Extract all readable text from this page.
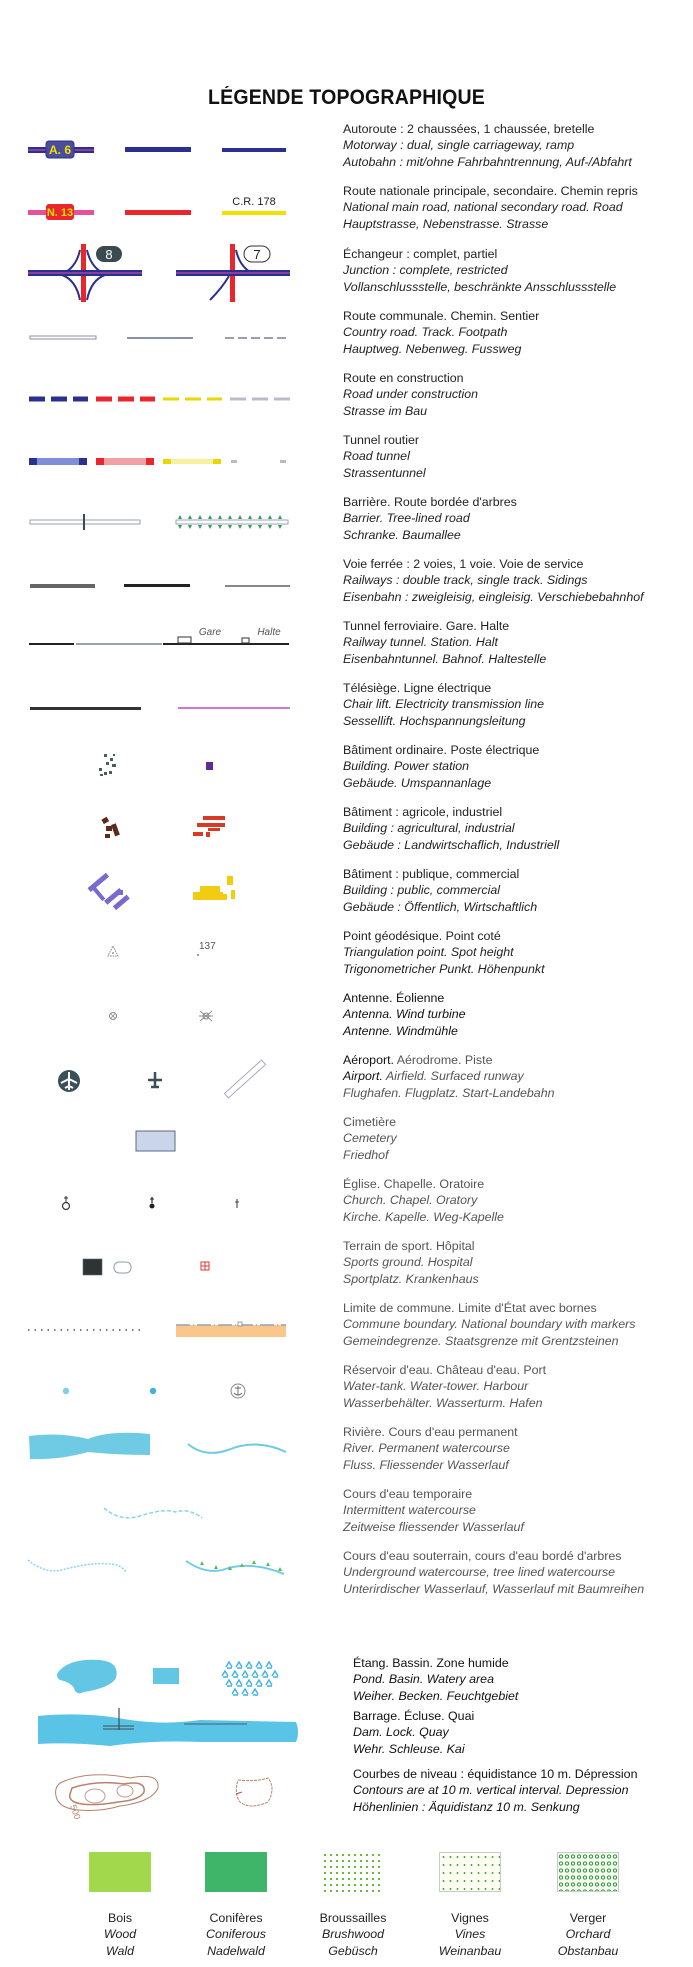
LÉGENDE TOPOGRAPHIQUE
A. 6
Autoroute : 2 chaussées, 1 chaussée, bretelle
Motorway : dual, single carriageway, ramp
Autobahn : mit/ohne Fahrbahntrennung, Auf-/Abfahrt
N. 13
C.R. 178
Route nationale principale, secondaire. Chemin repris
National main road, national secondary road. Road
Hauptstrasse, Nebenstrasse. Strasse
8	7	Échangeur : complet, partiel
Junction : complete, restricted
Vollanschlussstelle, beschränkte Ansschlussstelle
Route communale. Chemin. Sentier
Country road. Track. Footpath
Hauptweg. Nebenweg. Fussweg
Route en construction
Road under construction
Strasse im Bau
Tunnel routier
Road tunnel
Strassentunnel
Barrière. Route bordée d'arbres
Barrier. Tree-lined road
Schranke. Baumallee
Voie ferrée : 2 voies, 1 voie. Voie de service
Railways : double track, single track. Sidings
Eisenbahn : zweigleisig, eingleisig. Verschiebebahnhof
Gare	Halte	Tunnel ferroviaire. Gare. Halte
Railway tunnel. Station. Halt
Eisenbahntunnel. Bahnof. Haltestelle
Télésiège. Ligne électrique
Chair lift. Electricity transmission line
Sessellift. Hochspannungsleitung
Bâtiment ordinaire. Poste électrique
Building. Power station
Gebäude. Umspannanlage
Bâtiment : agricole, industriel
Building : agricultural, industrial
Gebäude : Landwirtschaflich, Industriell
Bâtiment : publique, commercial
Building : public, commercial
Gebäude : Öffentlich, Wirtschaftlich
137
Point géodésique. Point coté
Triangulation point. Spot height
Trigonometricher Punkt. Höhenpunkt
Antenne. Éolienne
Antenna. Wind turbine
Antenne. Windmühle
Aéroport. Aérodrome. Piste
Airport. Airfield. Surfaced runway
Flughafen. Flugplatz. Start-Landebahn
Cimetière
Cemetery
Friedhof
Église. Chapelle. Oratoire
Church. Chapel. Oratory
Kirche. Kapelle. Weg-Kapelle
Terrain de sport. Hôpital
Sports ground. Hospital
Sportplatz. Krankenhaus
Limite de commune. Limite d'État avec bornes
Commune boundary. National boundary with markers
Gemeindegrenze. Staatsgrenze mit Grentzsteinen
Réservoir d'eau. Château d'eau. Port
Water-tank. Water-tower. Harbour
Wasserbehälter. Wasserturm. Hafen
Rivière. Cours d'eau permanent
River. Permanent watercourse
Fluss. Fliessender Wasserlauf
Cours d'eau temporaire
Intermittent watercourse
Zeitweise fliessender Wasserlauf
Cours d'eau souterrain, cours d'eau bordé d'arbres
Underground watercourse, tree lined watercourse
Unterirdischer Wasserlauf, Wasserlauf mit Baumreihen
Étang. Bassin. Zone humide
Pond. Basin. Watery area
Weiher. Becken. Feuchtgebiet
Barrage. Écluse. Quai
Dam. Lock. Quay
Wehr. Schleuse. Kai
500
Courbes de niveau : équidistance 10 m. Dépression
Contours are at 10 m. vertical interval. Depression
Höhenlinien : Äquidistanz 10 m. Senkung
Bois
Wood
Wald
Conifères
Coniferous
Nadelwald
Broussailles
Brushwood
Gebüsch
Vignes
Vines
Weinanbau
Verger
Orchard
Obstanbau
